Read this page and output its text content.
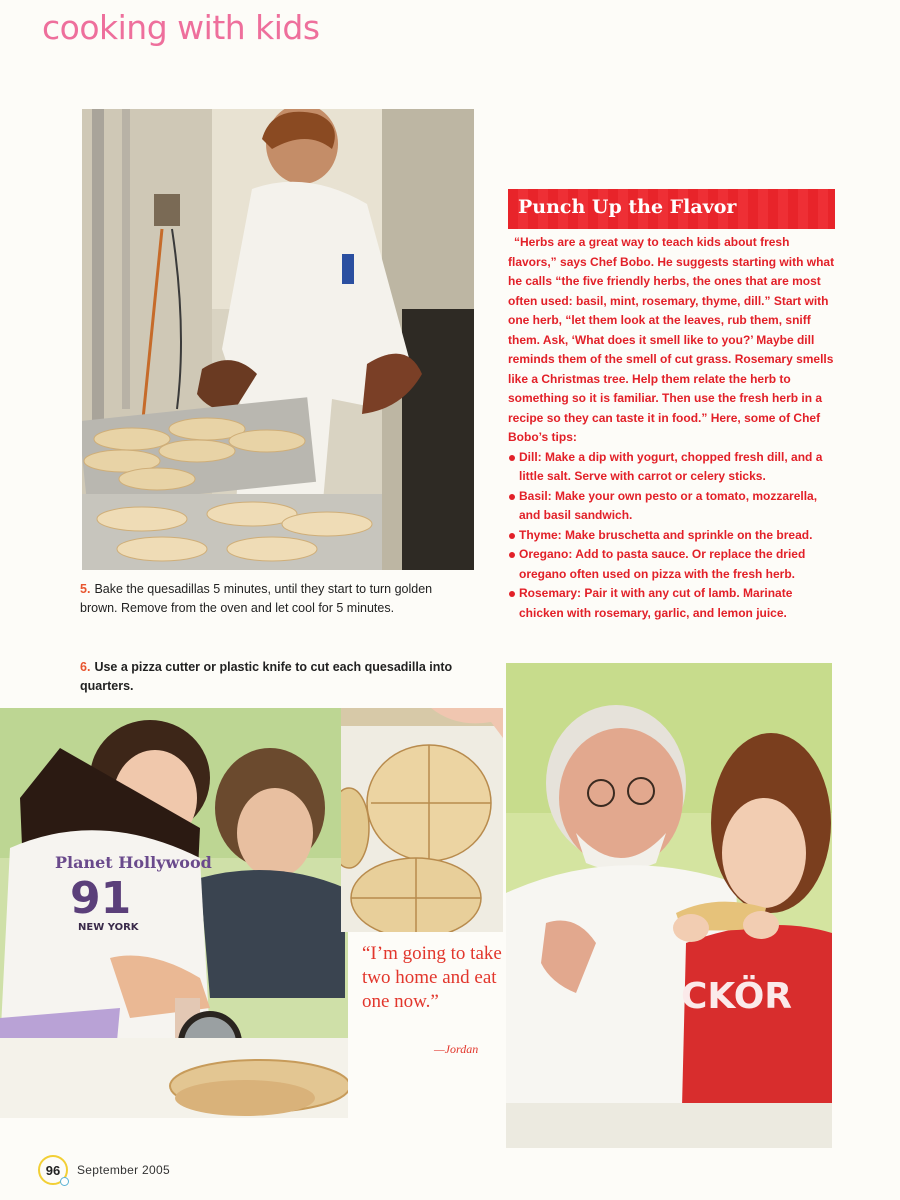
cooking with kids
5. Bake the quesadillas 5 minutes, until they start to turn golden brown. Remove from the oven and let cool for 5 minutes.
Punch Up the Flavor

“Herbs are a great way to teach kids about fresh flavors,” says Chef Bobo. He suggests starting with what he calls “the five friendly herbs, the ones that are most often used: basil, mint, rosemary, thyme, dill.” Start with one herb, “let them look at the leaves, rub them, sniff them. Ask, ‘What does it smell like to you?’ Maybe dill reminds them of the smell of cut grass. Rosemary smells like a Christmas tree. Help them relate the herb to something so it is familiar. Then use the fresh herb in a recipe so they can taste it in food.” Here, some of Chef Bobo’s tips:

Dill: Make a dip with yogurt, chopped fresh dill, and a little salt. Serve with carrot or celery sticks.
Basil: Make your own pesto or a tomato, mozzarella, and basil sandwich.
Thyme: Make bruschetta and sprinkle on the bread.
Oregano: Add to pasta sauce. Or replace the dried oregano often used on pizza with the fresh herb.
Rosemary: Pair it with any cut of lamb. Marinate chicken with rosemary, garlic, and lemon juice.
6. Use a pizza cutter or plastic knife to cut each quesadilla into quarters.
Planet Hollywood
91
NEW YORK
“I’m going to take two home and eat one now.”
—Jordan
CKÖR
96 September 2005
